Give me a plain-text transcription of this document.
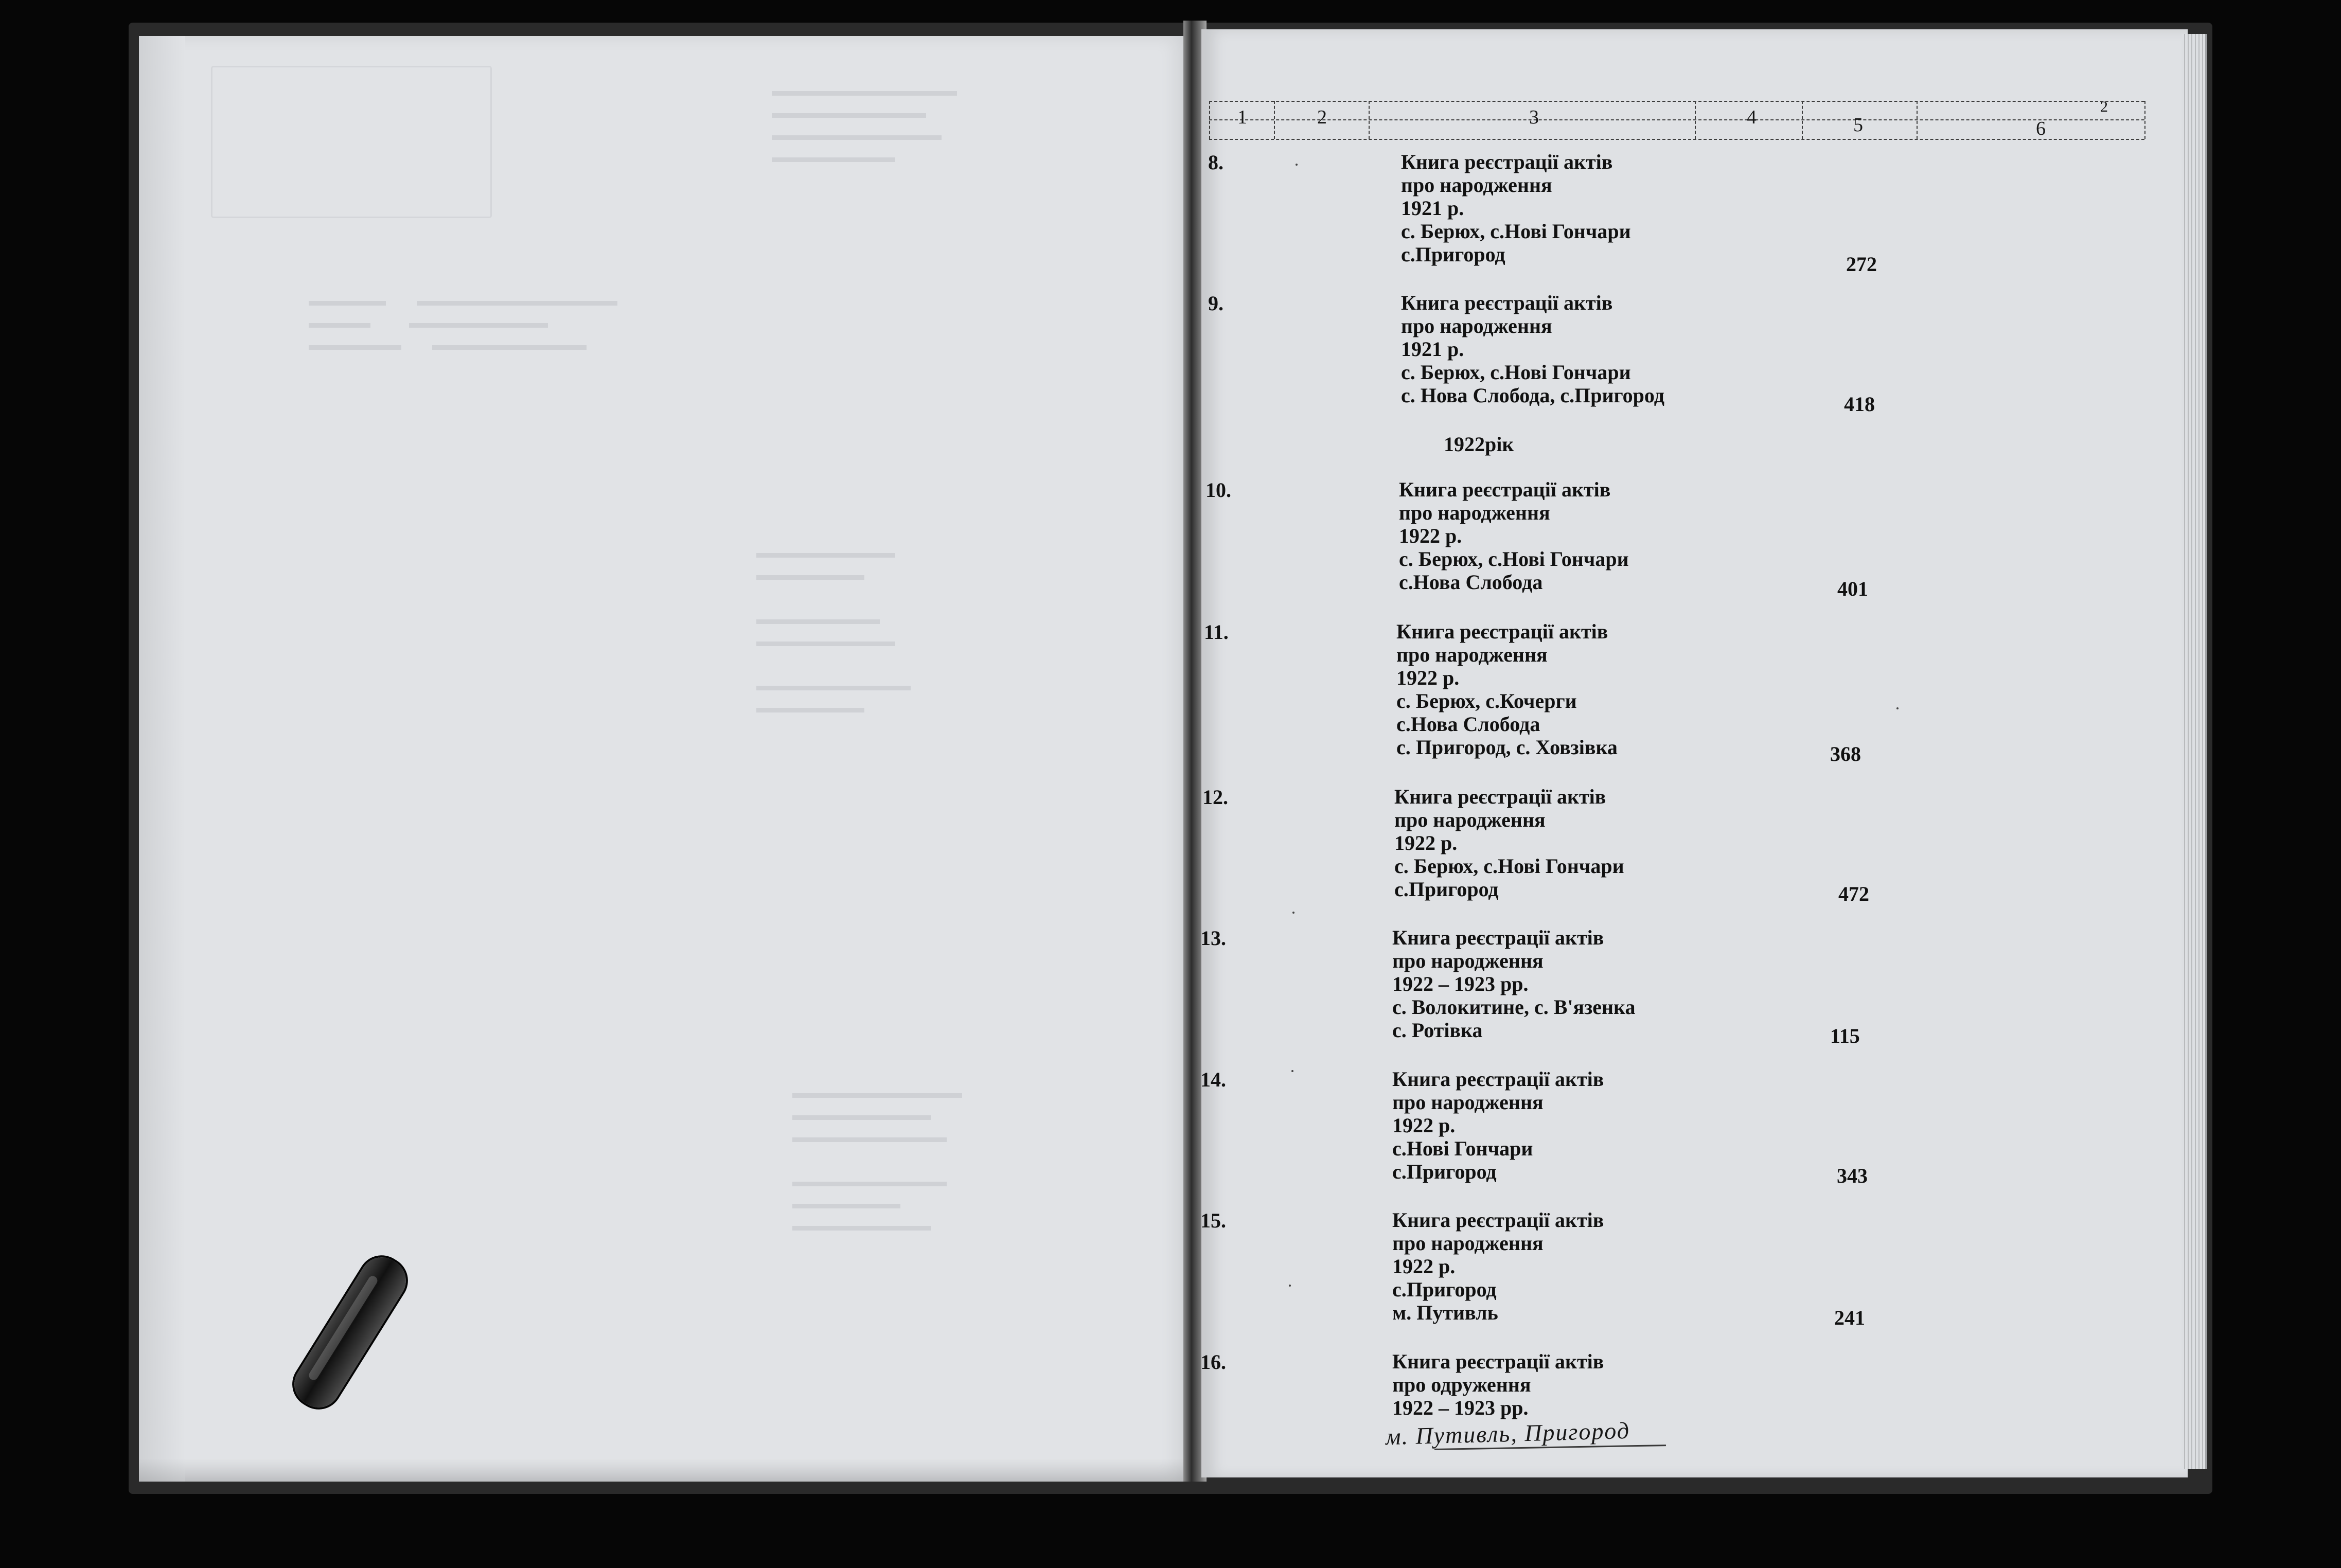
2
1	2	3	4	5	6
8.	Книга реєстрації актів
про народження
1921 р.
с. Берюх, с.Нові Гончари
с.Пригород	272
9.	Книга реєстрації актів
про народження
1921 р.
с. Берюх, с.Нові Гончари
с. Нова Слобода, с.Пригород	418
1922рік
10.	Книга реєстрації актів
про народження
1922 р.
с. Берюх, с.Нові Гончари
с.Нова Слобода	401
11.	Книга реєстрації актів
про народження
1922 р.
с. Берюх, с.Кочерги
с.Нова Слобода
с. Пригород, с. Ховзівка	368
12.	Книга реєстрації актів
про народження
1922 р.
с. Берюх, с.Нові Гончари
с.Пригород	472
13.	Книга реєстрації актів
про народження
1922 – 1923 рр.
с. Волокитине, с. В'язенка
с. Ротівка	115
14.	Книга реєстрації актів
про народження
1922 р.
с.Нові Гончари
с.Пригород	343
15.	Книга реєстрації актів
про народження
1922 р.
с.Пригород
м. Путивль	241
16.	Книга реєстрації актів
про одруження
1922 – 1923 рр.
м. Путивль, Пригород
